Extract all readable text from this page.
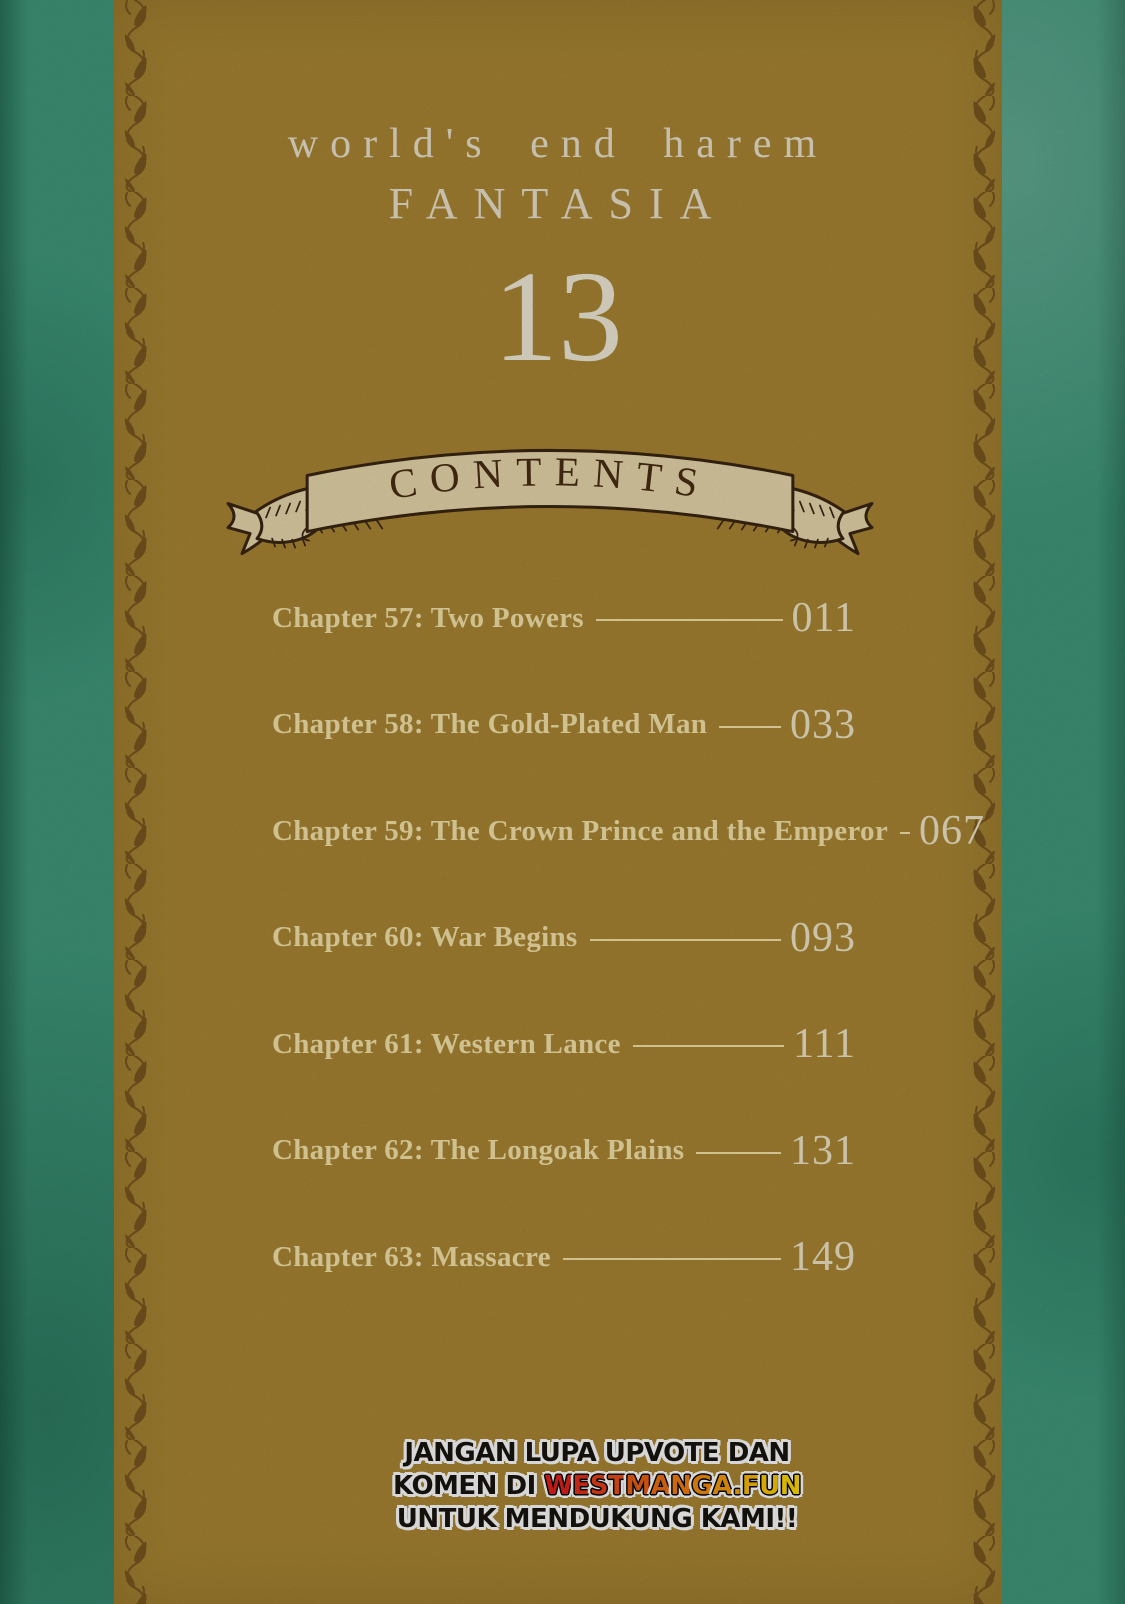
world's end harem
FANTASIA
13
CONTENTS
Chapter 57: Two Powers	011
Chapter 58: The Gold-Plated Man 033
Chapter 59: The Crown Prince and the Emperor 067
Chapter 60: War Begins	093
Chapter 61: Western Lance	111
Chapter 62: The Longoak Plains	131
Chapter 63: Massacre	149
JANGAN LUPA UPVOTE DAN
KOMEN DI WESTMANGA.FUN
UNTUK MENDUKUNG KAMI!!
